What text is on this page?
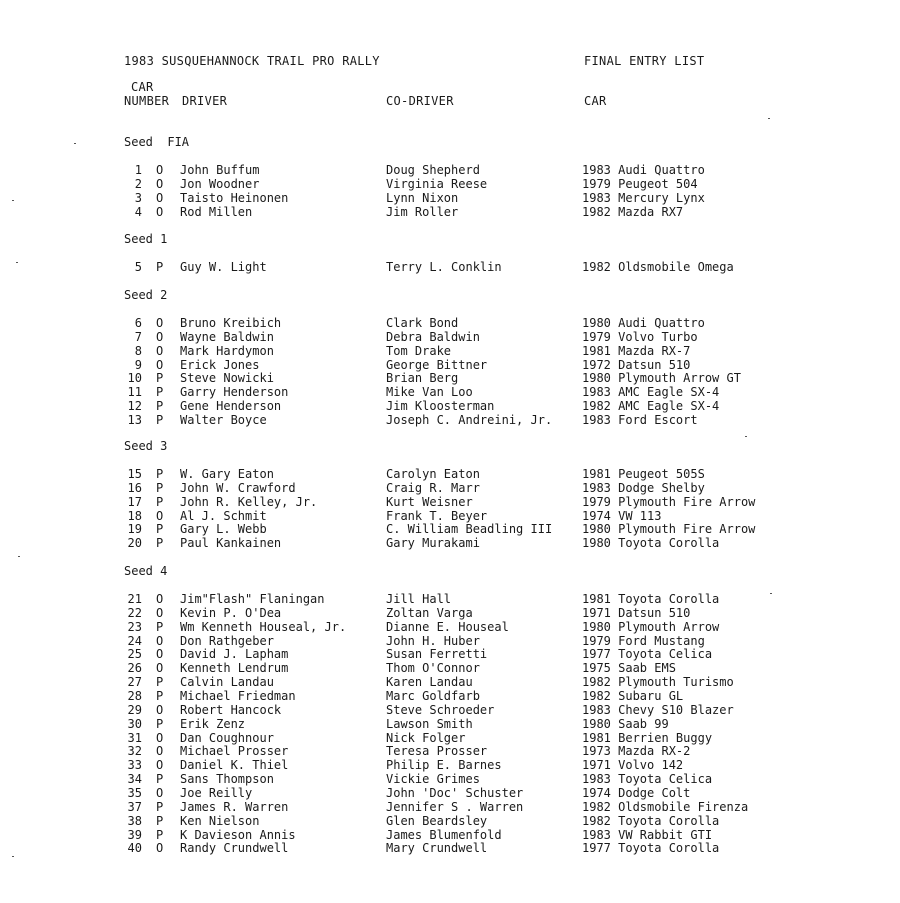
1983 SUSQUEHANNOCK TRAIL PRO RALLY	FINAL ENTRY LIST
CAR
NUMBER DRIVER	CO-DRIVER	CAR
Seed  FIA
1 O John Buffum	Doug Shepherd	1983 Audi Quattro
2 O Jon Woodner	Virginia Reese	1979 Peugeot 504
3 O Taisto Heinonen	Lynn Nixon	1983 Mercury Lynx
4 O Rod Millen	Jim Roller	1982 Mazda RX7
Seed 1
5 P Guy W. Light	Terry L. Conklin	1982 Oldsmobile Omega
Seed 2
6 O Bruno Kreibich	Clark Bond	1980 Audi Quattro
7 O Wayne Baldwin	Debra Baldwin	1979 Volvo Turbo
8 O Mark Hardymon	Tom Drake	1981 Mazda RX-7
9 O Erick Jones	George Bittner	1972 Datsun 510
10 P Steve Nowicki	Brian Berg	1980 Plymouth Arrow GT
11 P Garry Henderson	Mike Van Loo	1983 AMC Eagle SX-4
12 P Gene Henderson	Jim Kloosterman	1982 AMC Eagle SX-4
13 P Walter Boyce	Joseph C. Andreini, Jr. 1983 Ford Escort
Seed 3
15 P W. Gary Eaton	Carolyn Eaton	1981 Peugeot 505S
16 P John W. Crawford	Craig R. Marr	1983 Dodge Shelby
17 P John R. Kelley, Jr.	Kurt Weisner	1979 Plymouth Fire Arrow
18 O Al J. Schmit	Frank T. Beyer	1974 VW 113
19 P Gary L. Webb	C. William Beadling III 1980 Plymouth Fire Arrow
20 P Paul Kankainen	Gary Murakami	1980 Toyota Corolla
Seed 4
21 O Jim"Flash" Flaningan	Jill Hall	1981 Toyota Corolla
22 O Kevin P. O'Dea	Zoltan Varga	1971 Datsun 510
23 P Wm Kenneth Houseal, Jr.	Dianne E. Houseal	1980 Plymouth Arrow
24 O Don Rathgeber	John H. Huber	1979 Ford Mustang
25 O David J. Lapham	Susan Ferretti	1977 Toyota Celica
26 O Kenneth Lendrum	Thom O'Connor	1975 Saab EMS
27 P Calvin Landau	Karen Landau	1982 Plymouth Turismo
28 P Michael Friedman	Marc Goldfarb	1982 Subaru GL
29 O Robert Hancock	Steve Schroeder	1983 Chevy S10 Blazer
30 P Erik Zenz	Lawson Smith	1980 Saab 99
31 O Dan Coughnour	Nick Folger	1981 Berrien Buggy
32 O Michael Prosser	Teresa Prosser	1973 Mazda RX-2
33 O Daniel K. Thiel	Philip E. Barnes	1971 Volvo 142
34 P Sans Thompson	Vickie Grimes	1983 Toyota Celica
35 O Joe Reilly	John 'Doc' Schuster	1974 Dodge Colt
37 P James R. Warren	Jennifer S . Warren	1982 Oldsmobile Firenza
38 P Ken Nielson	Glen Beardsley	1982 Toyota Corolla
39 P K Davieson Annis	James Blumenfold	1983 VW Rabbit GTI
40 O Randy Crundwell	Mary Crundwell	1977 Toyota Corolla
